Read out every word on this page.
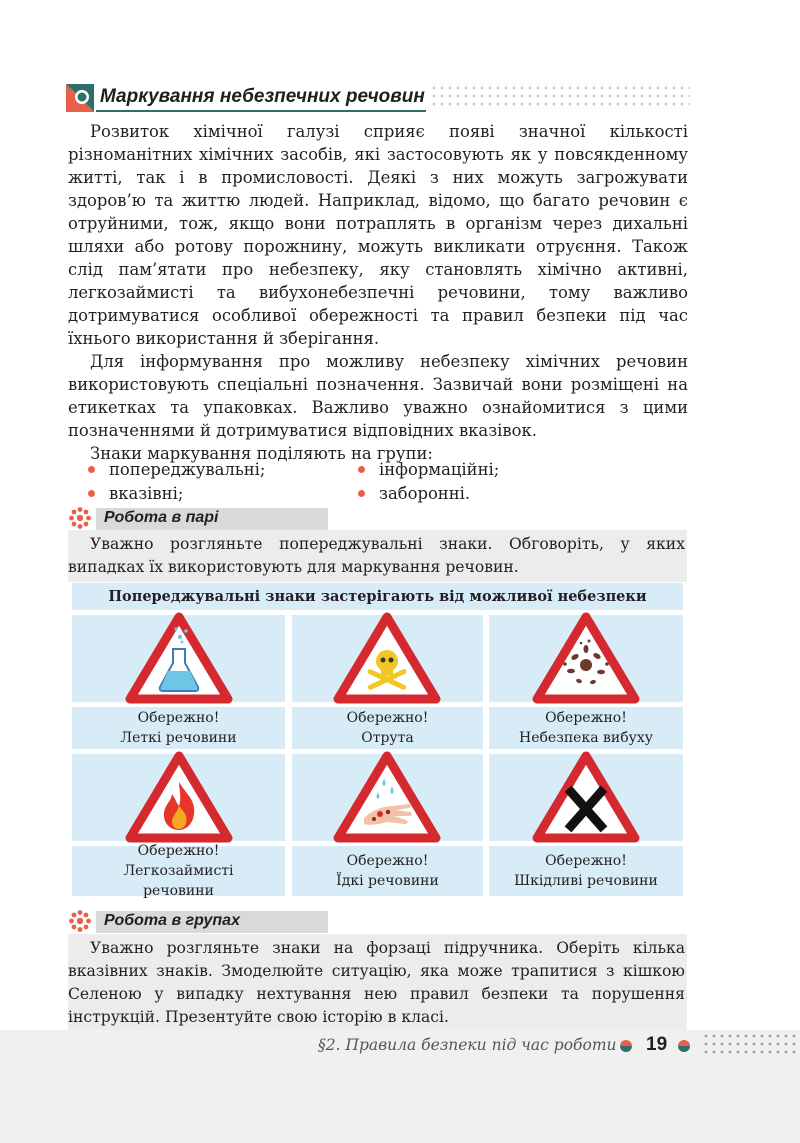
Маркування небезпечних речовин

Розвиток хімічної галузі сприяє появі значної кількості різноманітних хімічних засобів, які застосовують як у повсякденному житті, так і в промисловості. Деякі з них можуть загрожувати здоров’ю та життю людей. Наприклад, відомо, що багато речовин є отруйними, тож, якщо вони потраплять в організм через дихальні шляхи або ротову порожнину, можуть викликати отруєння. Також слід пам’ятати про небезпеку, яку становлять хімічно активні, легкозаймисті та вибухонебезпечні речовини, тому важливо дотримуватися особливої обережності та правил безпеки під час їхнього використання й зберігання.

Для інформування про можливу небезпеку хімічних речовин використовують спеціальні позначення. Зазвичай вони розміщені на етикетках та упаковках. Важливо уважно ознайомитися з цими позначеннями й дотримуватися відповідних вказівок.

Знаки маркування поділяють на групи:

попереджувальні;	інформаційні;
вказівні;	заборонні.
Робота в парі

Уважно розгляньте попереджувальні знаки. Обговоріть, у яких випадках їх використовують для маркування речовин.

Попереджувальні знаки застерігають від можливої небезпеки
Обережно!
Леткі речовини
Обережно!
Отрута
Обережно!
Небезпека вибуху
Обережно!
Легкозаймисті
речовини
Обережно!
Їдкі речовини
Обережно!
Шкідливі речовини
Робота в групах

Уважно розгляньте знаки на форзаці підручника. Оберіть кілька вказівних знаків. Змоделюйте ситуацію, яка може трапитися з кішкою Селеною у випадку нехтування нею правил безпеки та порушення інструкцій. Презентуйте свою історію в класі.

§2. Правила безпеки під час роботи 19
